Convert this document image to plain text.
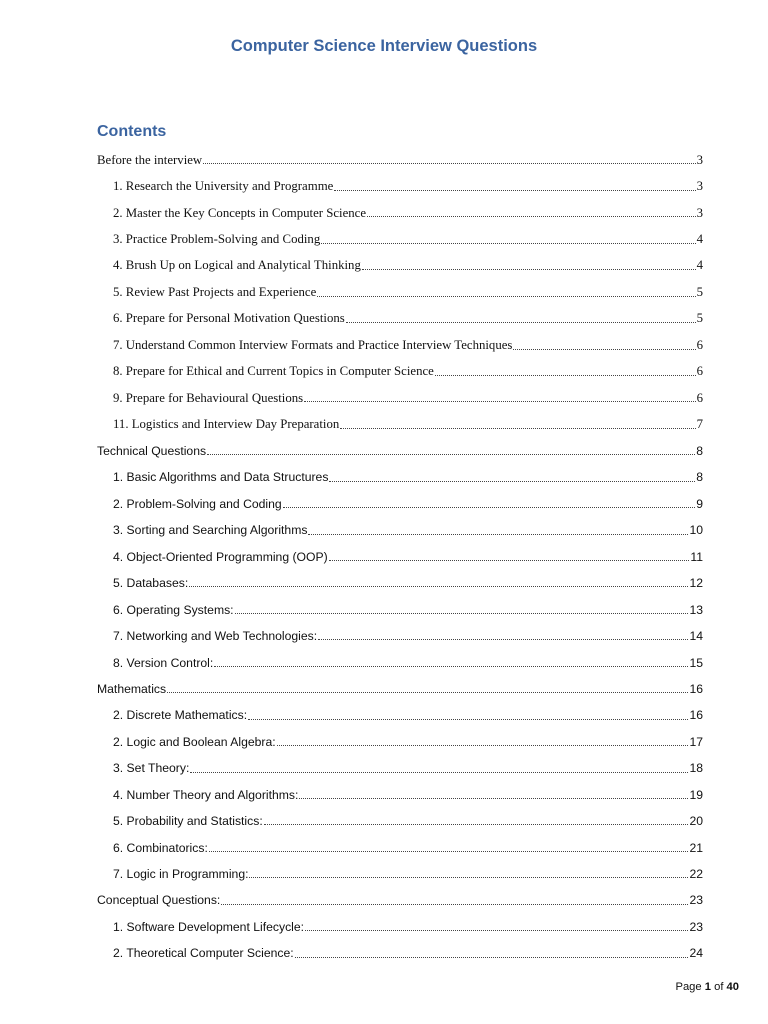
Computer Science Interview Questions
Contents
Before the interview	3
1. Research the University and Programme	3
2. Master the Key Concepts in Computer Science	3
3. Practice Problem-Solving and Coding	4
4. Brush Up on Logical and Analytical Thinking	4
5. Review Past Projects and Experience	5
6. Prepare for Personal Motivation Questions	5
7. Understand Common Interview Formats and Practice Interview Techniques	6
8. Prepare for Ethical and Current Topics in Computer Science	6
9. Prepare for Behavioural Questions	6
11. Logistics and Interview Day Preparation	7
Technical Questions	8
1. Basic Algorithms and Data Structures	8
2. Problem-Solving and Coding	9
3. Sorting and Searching Algorithms	10
4. Object-Oriented Programming (OOP)	11
5. Databases:	12
6. Operating Systems:	13
7. Networking and Web Technologies:	14
8. Version Control:	15
Mathematics	16
2. Discrete Mathematics:	16
2. Logic and Boolean Algebra:	17
3. Set Theory:	18
4. Number Theory and Algorithms:	19
5. Probability and Statistics:	20
6. Combinatorics:	21
7. Logic in Programming:	22
Conceptual Questions:	23
1. Software Development Lifecycle:	23
2. Theoretical Computer Science:	24
Page 1 of 40
